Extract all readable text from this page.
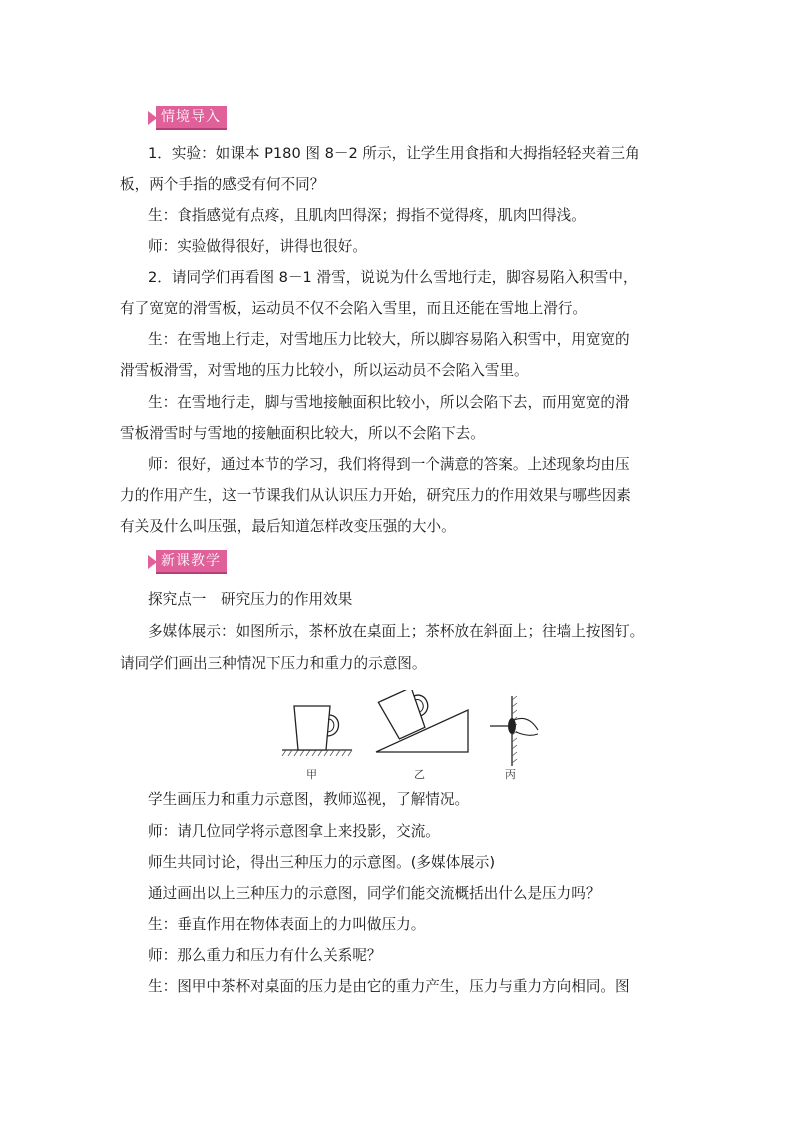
情境导入
1．实验：如课本 P180 图 8－2 所示，让学生用食指和大拇指轻轻夹着三角
板，两个手指的感受有何不同？
生：食指感觉有点疼，且肌肉凹得深；拇指不觉得疼，肌肉凹得浅。
师：实验做得很好，讲得也很好。
2．请同学们再看图 8－1 滑雪，说说为什么雪地行走，脚容易陷入积雪中，
有了宽宽的滑雪板，运动员不仅不会陷入雪里，而且还能在雪地上滑行。
生：在雪地上行走，对雪地压力比较大，所以脚容易陷入积雪中，用宽宽的
滑雪板滑雪，对雪地的压力比较小，所以运动员不会陷入雪里。
生：在雪地行走，脚与雪地接触面积比较小，所以会陷下去，而用宽宽的滑
雪板滑雪时与雪地的接触面积比较大，所以不会陷下去。
师：很好，通过本节的学习，我们将得到一个满意的答案。上述现象均由压
力的作用产生，这一节课我们从认识压力开始，研究压力的作用效果与哪些因素
有关及什么叫压强，最后知道怎样改变压强的大小。
新课教学
探究点一　研究压力的作用效果
多媒体展示：如图所示，茶杯放在桌面上；茶杯放在斜面上；往墙上按图钉。
请同学们画出三种情况下压力和重力的示意图。
甲	乙	丙
学生画压力和重力示意图，教师巡视，了解情况。
师：请几位同学将示意图拿上来投影，交流。
师生共同讨论，得出三种压力的示意图。(多媒体展示)
通过画出以上三种压力的示意图，同学们能交流概括出什么是压力吗？
生：垂直作用在物体表面上的力叫做压力。
师：那么重力和压力有什么关系呢？
生：图甲中茶杯对桌面的压力是由它的重力产生，压力与重力方向相同。图
